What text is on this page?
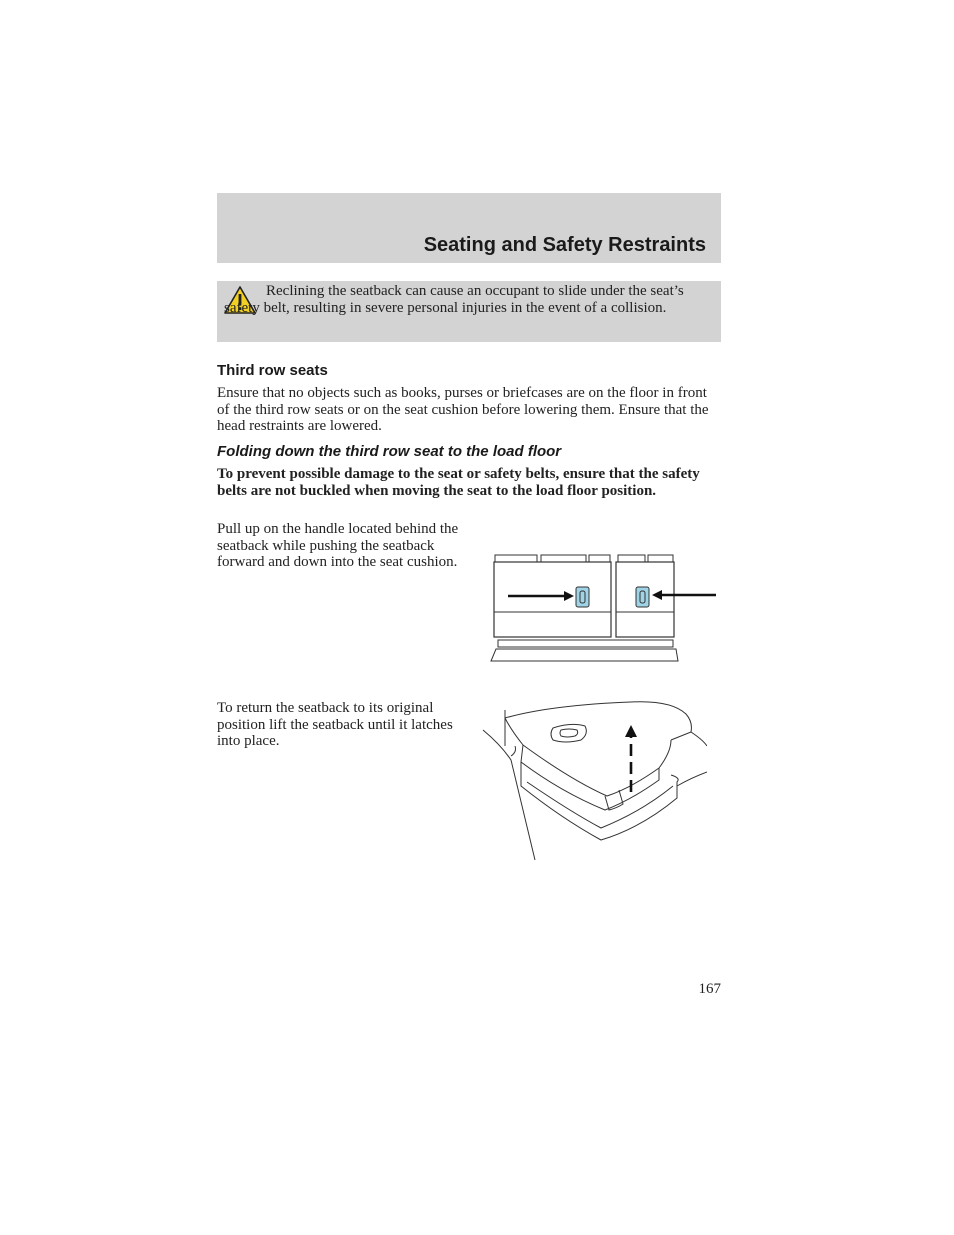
Seating and Safety Restraints

Reclining the seatback can cause an occupant to slide under the seat’s safety belt, resulting in severe personal injuries in the event of a collision.

Third row seats

Ensure that no objects such as books, purses or briefcases are on the floor in front of the third row seats or on the seat cushion before lowering them. Ensure that the head restraints are lowered.

Folding down the third row seat to the load floor

To prevent possible damage to the seat or safety belts, ensure that the safety belts are not buckled when moving the seat to the load floor position.

Pull up on the handle located behind the seatback while pushing the seatback forward and down into the seat cushion.

To return the seatback to its original position lift the seatback until it latches into place.

167
